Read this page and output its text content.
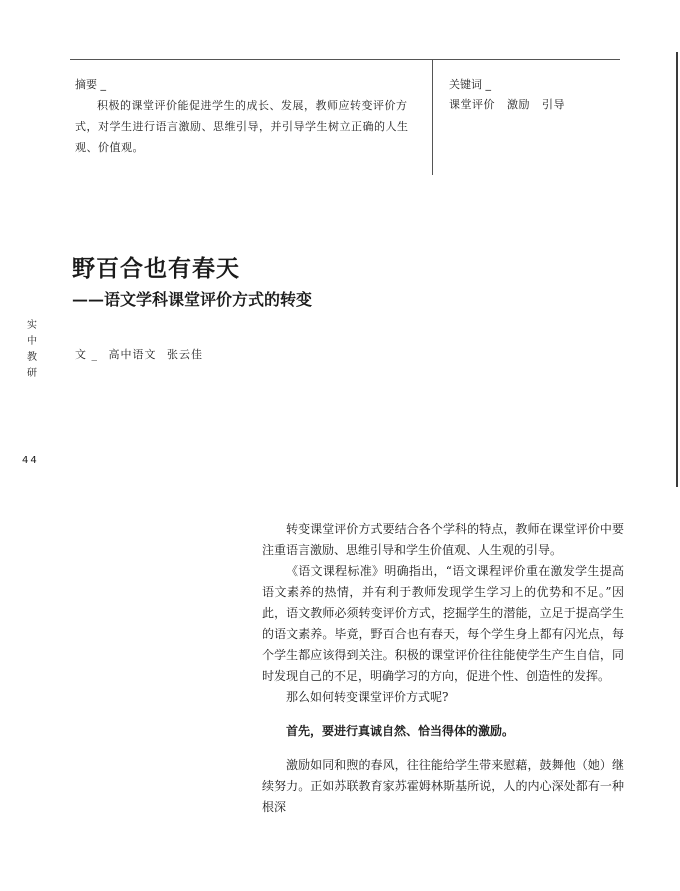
摘要 _
积极的课堂评价能促进学生的成长、发展，教师应转变评价方式，对学生进行语言激励、思维引导，并引导学生树立正确的人生观、价值观。
关键词 _
课堂评价 激励 引导
野百合也有春天
——语文学科课堂评价方式的转变
文 _ 高中语文 张云佳
实
中
教
研
44

转变课堂评价方式要结合各个学科的特点，教师在课堂评价中要注重语言激励、思维引导和学生价值观、人生观的引导。

《语文课程标准》明确指出，“语文课程评价重在激发学生提高语文素养的热情，并有利于教师发现学生学习上的优势和不足。”因此，语文教师必须转变评价方式，挖掘学生的潜能，立足于提高学生的语文素养。毕竟，野百合也有春天，每个学生身上都有闪光点，每个学生都应该得到关注。积极的课堂评价往往能使学生产生自信，同时发现自己的不足，明确学习的方向，促进个性、创造性的发挥。

那么如何转变课堂评价方式呢?

首先，要进行真诚自然、恰当得体的激励。

激励如同和煦的春风，往往能给学生带来慰藉，鼓舞他（她）继续努力。正如苏联教育家苏霍姆林斯基所说，人的内心深处都有一种根深
